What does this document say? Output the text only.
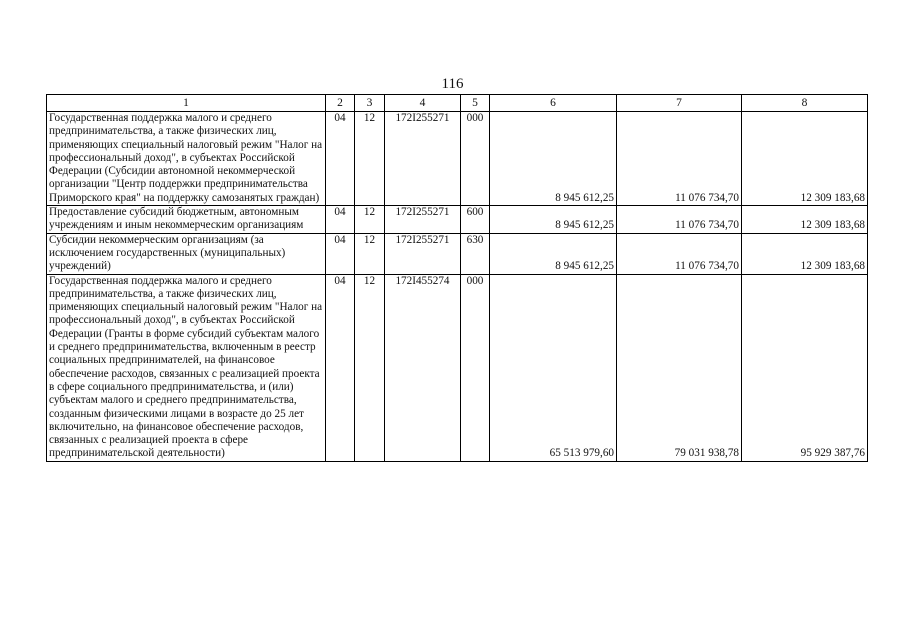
116
1	2	3	4	5	6	7	8
Государственная поддержка малого и среднего предпринимательства, а также физических лиц, применяющих специальный налоговый режим "Налог на профессиональный доход", в субъектах Российской Федерации (Субсидии автономной некоммерческой организации "Центр поддержки предпринимательства Приморского края" на поддержку самозанятых граждан)	04	12	172I255271	000	8 945 612,25	11 076 734,70	12 309 183,68
Предоставление субсидий бюджетным, автономным учреждениям и иным некоммерческим организациям	04	12	172I255271	600	8 945 612,25	11 076 734,70	12 309 183,68
Субсидии некоммерческим организациям (за исключением государственных (муниципальных) учреждений)	04	12	172I255271	630	8 945 612,25	11 076 734,70	12 309 183,68
Государственная поддержка малого и среднего предпринимательства, а также физических лиц, применяющих специальный налоговый режим "Налог на профессиональный доход", в субъектах Российской Федерации (Гранты в форме субсидий субъектам малого и среднего предпринимательства, включенным в реестр социальных предпринимателей, на финансовое обеспечение расходов, связанных с реализацией проекта в сфере социального предпринимательства, и (или) субъектам малого и среднего предпринимательства, созданным физическими лицами в возрасте до 25 лет включительно, на финансовое обеспечение расходов, связанных с реализацией проекта в сфере предпринимательской деятельности)	04	12	172I455274	000	65 513 979,60	79 031 938,78	95 929 387,76
